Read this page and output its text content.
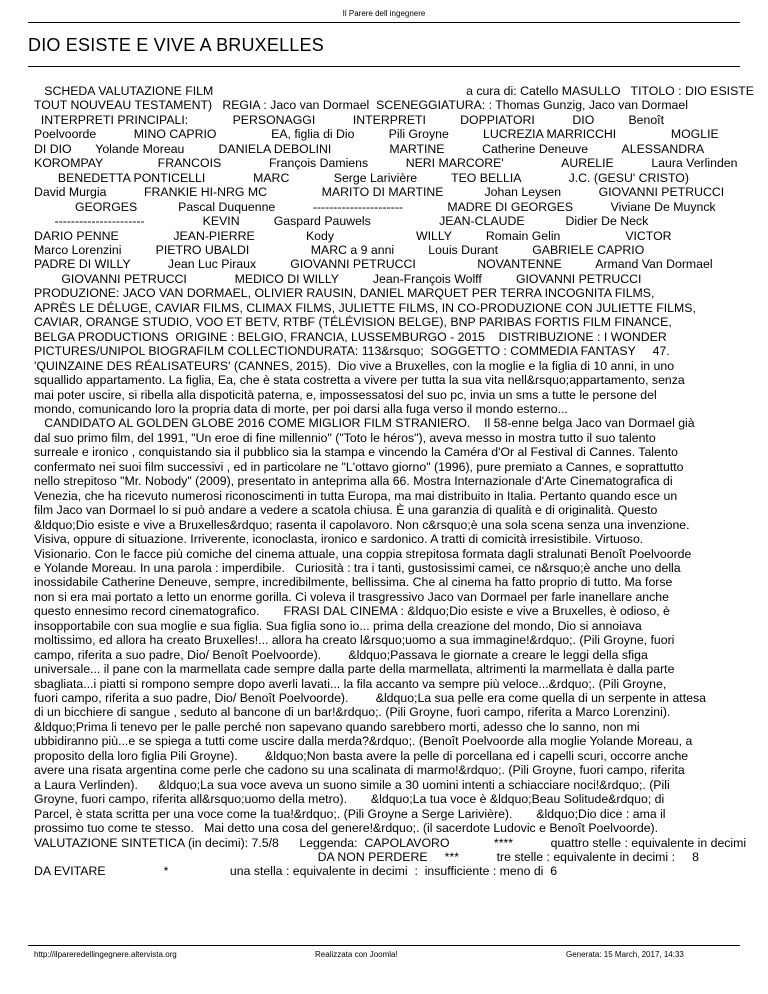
Il Parere dell ingegnere
DIO ESISTE E VIVE A BRUXELLES
SCHEDA VALUTAZIONE FILM                                                                          a cura di: Catello MASULLO   TITOLO : DIO ESISTE
TOUT NOUVEAU TESTAMENT)   REGIA : Jaco van Dormael  SCENEGGIATURA: : Thomas Gunzig, Jaco van Dormael
INTERPRETI PRINCIPALI:             PERSONAGGI           INTERPRETI          DOPPIATORI           DIO          Benoît
Poelvoorde           MINO CAPRIO                EA, figlia di Dio          Pili Groyne          LUCREZIA MARRICCHI                MOGLIE
DI DIO       Yolande Moreau          DANIELA DEBOLINI                 MARTINE           Catherine Deneuve          ALESSANDRA
KOROMPAY                FRANCOIS              François Damiens           NERI MARCORE'                 AURELIE           Laura Verlinden
BENEDETTA PONTICELLI              MARC             Serge Larivière          TEO BELLIA              J.C. (GESU' CRISTO)
David Murgia           FRANKIE HI-NRG MC                MARITO DI MARTINE            Johan Leysen           GIOVANNI PETRUCCI
GEORGES            Pascal Duquenne           ----------------------             MADRE DI GEORGES           Viviane De Muynck
----------------------                 KEVIN          Gaspard Pauwels                    JEAN-CLAUDE            Didier De Neck
DARIO PENNE                JEAN-PIERRE               Kody                        WILLY          Romain Gelin                   VICTOR
Marco Lorenzini          PIETRO UBALDI                  MARC a 9 anni          Louis Durant          GABRIELE CAPRIO
PADRE DI WILLY           Jean Luc Piraux          GIOVANNI PETRUCCI                  NOVANTENNE          Armand Van Dormael
GIOVANNI PETRUCCI              MEDICO DI WILLY          Jean-François Wolff          GIOVANNI PETRUCCI
PRODUZIONE: JACO VAN DORMAEL, OLIVIER RAUSIN, DANIEL MARQUET PER TERRA INCOGNITA FILMS,
APRÈS LE DÉLUGE, CAVIAR FILMS, CLIMAX FILMS, JULIETTE FILMS, IN CO-PRODUZIONE CON JULIETTE FILMS,
CAVIAR, ORANGE STUDIO, VOO ET BETV, RTBF (TÉLÉVISION BELGE), BNP PARIBAS FORTIS FILM FINANCE,
BELGA PRODUCTIONS  ORIGINE : BELGIO, FRANCIA, LUSSEMBURGO - 2015    DISTRIBUZIONE : I WONDER
PICTURES/UNIPOL BIOGRAFILM COLLECTIONDURATA: 113&rsquo;  SOGGETTO : COMMEDIA FANTASY     47.
'QUINZAINE DES RÉALISATEURS' (CANNES, 2015).  Dio vive a Bruxelles, con la moglie e la figlia di 10 anni, in uno
squallido appartamento. La figlia, Ea, che è stata costretta a vivere per tutta la sua vita nell&rsquo;appartamento, senza
mai poter uscire, si ribella alla dispoticità paterna, e, impossessatosi del suo pc, invia un sms a tutte le persone del
mondo, comunicando loro la propria data di morte, per poi darsi alla fuga verso il mondo esterno...
CANDIDATO AL GOLDEN GLOBE 2016 COME MIGLIOR FILM STRANIERO.    Il 58-enne belga Jaco van Dormael già
dal suo primo film, del 1991, "Un eroe di fine millennio" ("Toto le héros"), aveva messo in mostra tutto il suo talento
surreale e ironico , conquistando sia il pubblico sia la stampa e vincendo la Caméra d'Or al Festival di Cannes. Talento
confermato nei suoi film successivi , ed in particolare ne "L'ottavo giorno" (1996), pure premiato a Cannes, e soprattutto
nello strepitoso "Mr. Nobody" (2009), presentato in anteprima alla 66. Mostra Internazionale d'Arte Cinematografica di
Venezia, che ha ricevuto numerosi riconoscimenti in tutta Europa, ma mai distribuito in Italia. Pertanto quando esce un
film Jaco van Dormael lo si può andare a vedere a scatola chiusa. È una garanzia di qualità e di originalità. Questo
&ldquo;Dio esiste e vive a Bruxelles&rdquo; rasenta il capolavoro. Non c&rsquo;è una sola scena senza una invenzione.
Visiva, oppure di situazione. Irriverente, iconoclasta, ironico e sardonico. A tratti di comicità irresistibile. Virtuoso.
Visionario. Con le facce più comiche del cinema attuale, una coppia strepitosa formata dagli stralunati Benoît Poelvoorde
e Yolande Moreau. In una parola : imperdibile.   Curiosità : tra i tanti, gustosissimi camei, ce n&rsquo;è anche uno della
inossidabile Catherine Deneuve, sempre, incredibilmente, bellissima. Che al cinema ha fatto proprio di tutto. Ma forse
non si era mai portato a letto un enorme gorilla. Ci voleva il trasgressivo Jaco van Dormael per farle inanellare anche
questo ennesimo record cinematografico.       FRASI DAL CINEMA : &ldquo;Dio esiste e vive a Bruxelles, è odioso, è
insopportabile con sua moglie e sua figlia. Sua figlia sono io... prima della creazione del mondo, Dio si annoiava
moltissimo, ed allora ha creato Bruxelles!... allora ha creato l&rsquo;uomo a sua immagine!&rdquo;. (Pili Groyne, fuori
campo, riferita a suo padre, Dio/ Benoît Poelvoorde).        &ldquo;Passava le giornate a creare le leggi della sfiga
universale... il pane con la marmellata cade sempre dalla parte della marmellata, altrimenti la marmellata è dalla parte
sbagliata...i piatti si rompono sempre dopo averli lavati... la fila accanto va sempre più veloce...&rdquo;. (Pili Groyne,
fuori campo, riferita a suo padre, Dio/ Benoît Poelvoorde).        &ldquo;La sua pelle era come quella di un serpente in attesa
di un bicchiere di sangue , seduto al bancone di un bar!&rdquo;. (Pili Groyne, fuori campo, riferita a Marco Lorenzini).
&ldquo;Prima li tenevo per le palle perché non sapevano quando sarebbero morti, adesso che lo sanno, non mi
ubbidiranno più...e se spiega a tutti come uscire dalla merda?&rdquo;. (Benoît Poelvoorde alla moglie Yolande Moreau, a
proposito della loro figlia Pili Groyne).        &ldquo;Non basta avere la pelle di porcellana ed i capelli scuri, occorre anche
avere una risata argentina come perle che cadono su una scalinata di marmo!&rdquo;. (Pili Groyne, fuori campo, riferita
a Laura Verlinden).      &ldquo;La sua voce aveva un suono simile a 30 uomini intenti a schiacciare noci!&rdquo;. (Pili
Groyne, fuori campo, riferita all&rsquo;uomo della metro).       &ldquo;La tua voce è &ldquo;Beau Solitude&rdquo; di
Parcel, è stata scritta per una voce come la tua!&rdquo;. (Pili Groyne a Serge Larivière).       &ldquo;Dio dice : ama il
prossimo tuo come te stesso.   Mai detto una cosa del genere!&rdquo;. (il sacerdote Ludovic e Benoît Poelvoorde).
VALUTAZIONE SINTETICA (in decimi): 7.5/8      Leggenda:  CAPOLAVORO             ****           quattro stelle : equivalente in decimi
DA NON PERDERE     ***           tre stelle : equivalente in decimi :     8
DA EVITARE                 *                  una stella : equivalente in decimi  :  insufficiente : meno di  6
http://ilpareredellingegnere.altervista.org	Realizzata con Joomla!	Generata: 15 March, 2017, 14:33
